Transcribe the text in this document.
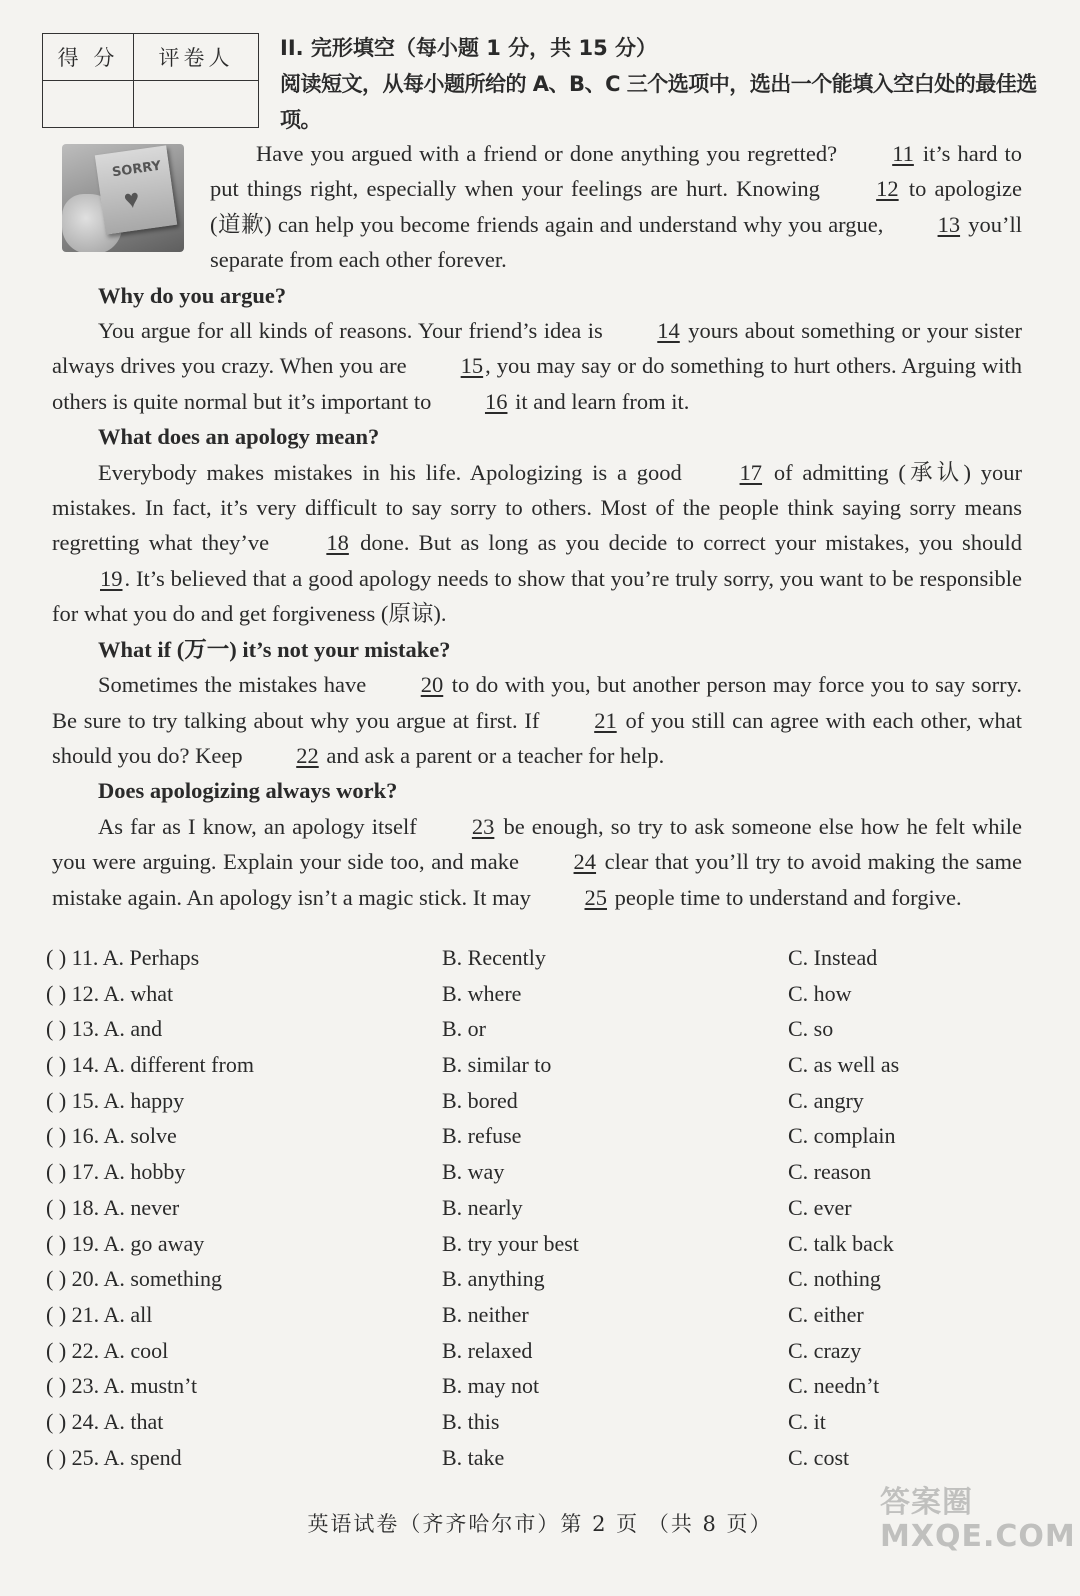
得 分	评卷人
	II. 完形填空（每小题 1 分，共 15 分）
阅读短文，从每小题所给的 A、B、C 三个选项中，选出一个能填入空白处的最佳选项。
SORRY
♥

Have you argued with a friend or done anything you regretted? 11 it’s hard to put things right, especially when your feelings are hurt. Knowing 12 to apologize (道歉) can help you become friends again and understand why you argue, 13 you’ll separate from each other forever.

Why do you argue?

You argue for all kinds of reasons. Your friend’s idea is 14 yours about something or your sister always drives you crazy. When you are 15, you may say or do something to hurt others. Arguing with others is quite normal but it’s important to 16 it and learn from it.

What does an apology mean?

Everybody makes mistakes in his life. Apologizing is a good 17 of admitting (承认) your mistakes. In fact, it’s very difficult to say sorry to others. Most of the people think saying sorry means regretting what they’ve 18 done. But as long as you decide to correct your mistakes, you should 19. It’s believed that a good apology needs to show that you’re truly sorry, you want to be responsible for what you do and get forgiveness (原谅).

What if (万一) it’s not your mistake?

Sometimes the mistakes have 20 to do with you, but another person may force you to say sorry. Be sure to try talking about why you argue at first. If 21 of you still can agree with each other, what should you do? Keep 22 and ask a parent or a teacher for help.

Does apologizing always work?

As far as I know, an apology itself 23 be enough, so try to ask someone else how he felt while you were arguing. Explain your side too, and make 24 clear that you’ll try to avoid making the same mistake again. An apology isn’t a magic stick. It may 25 people time to understand and forgive.

( ) 11. A. Perhaps	B. Recently	C. Instead
( ) 12. A. what	B. where	C. how
( ) 13. A. and	B. or	C. so
( ) 14. A. different from	B. similar to	C. as well as
( ) 15. A. happy	B. bored	C. angry
( ) 16. A. solve	B. refuse	C. complain
( ) 17. A. hobby	B. way	C. reason
( ) 18. A. never	B. nearly	C. ever
( ) 19. A. go away	B. try your best	C. talk back
( ) 20. A. something	B. anything	C. nothing
( ) 21. A. all	B. neither	C. either
( ) 22. A. cool	B. relaxed	C. crazy
( ) 23. A. mustn’t	B. may not	C. needn’t
( ) 24. A. that	B. this	C. it
( ) 25. A. spend	B. take	C. cost
英语试卷（齐齐哈尔市）第 2 页 （共 8 页）
答案圈
MXQE.COM
